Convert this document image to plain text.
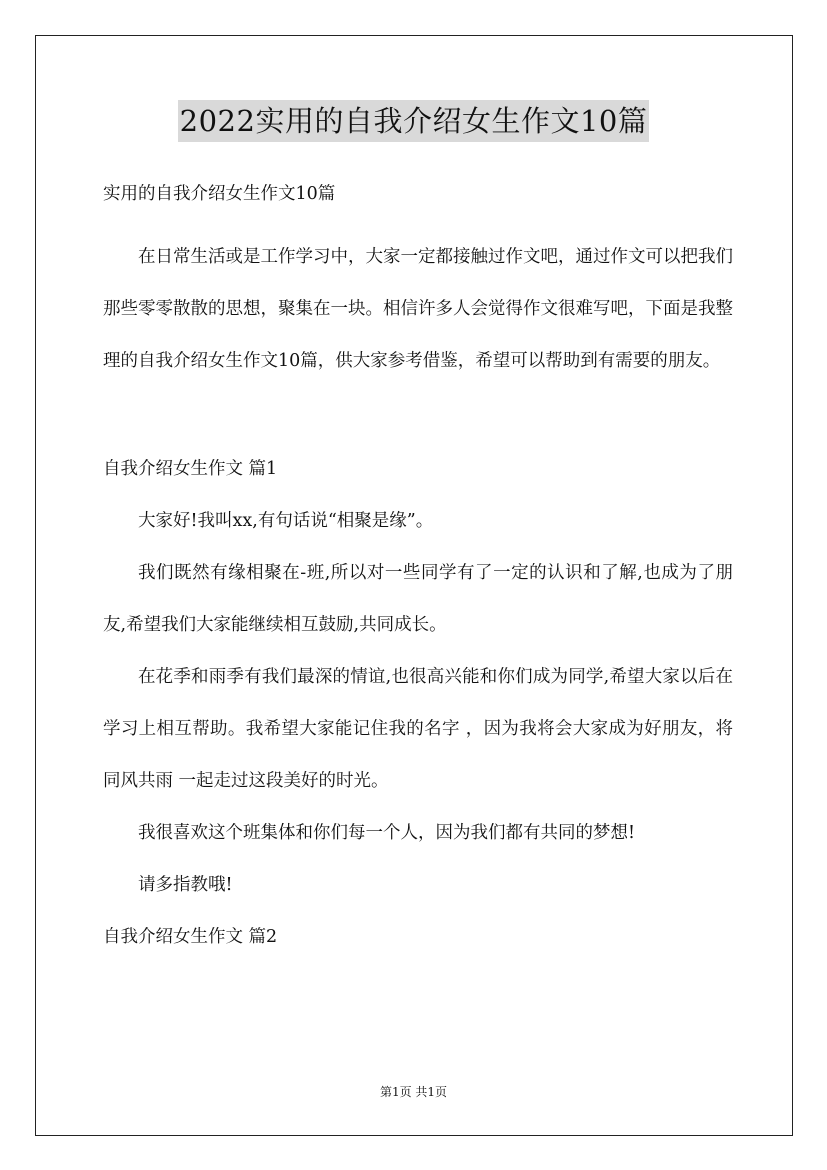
2022实用的自我介绍女生作文10篇

实用的自我介绍女生作文10篇

在日常生活或是工作学习中，大家一定都接触过作文吧，通过作文可以把我们那些零零散散的思想，聚集在一块。相信许多人会觉得作文很难写吧，下面是我整理的自我介绍女生作文10篇，供大家参考借鉴，希望可以帮助到有需要的朋友。

自我介绍女生作文 篇1

大家好!我叫xx,有句话说“相聚是缘”。

我们既然有缘相聚在-班,所以对一些同学有了一定的认识和了解,也成为了朋友,希望我们大家能继续相互鼓励,共同成长。

在花季和雨季有我们最深的情谊,也很高兴能和你们成为同学,希望大家以后在学习上相互帮助。我希望大家能记住我的名字 ，因为我将会大家成为好朋友，将同风共雨 一起走过这段美好的时光。

我很喜欢这个班集体和你们每一个人，因为我们都有共同的梦想!

请多指教哦!

自我介绍女生作文 篇2

第1页 共1页
